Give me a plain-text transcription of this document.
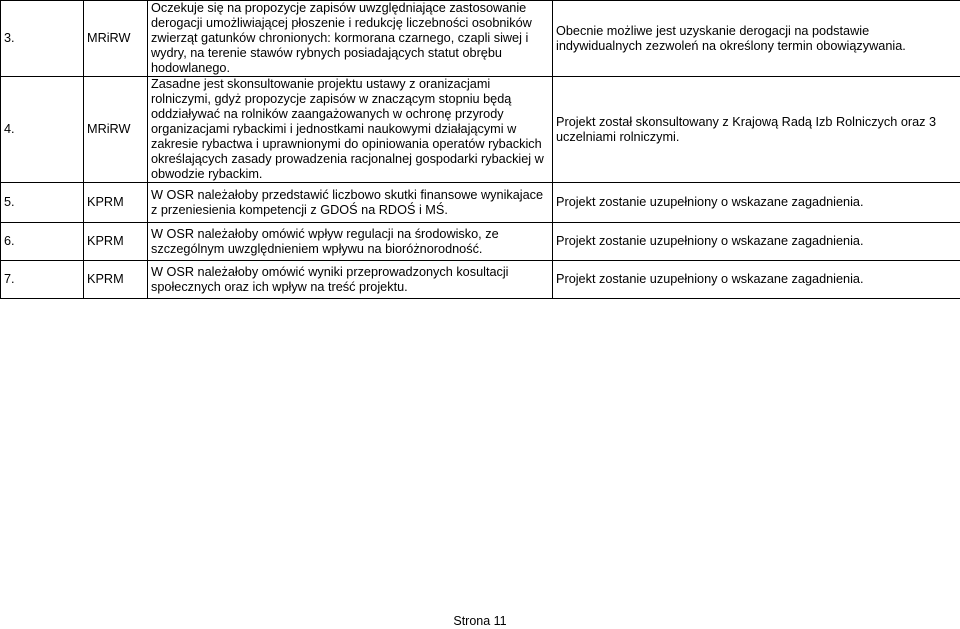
3.	MRiRW	Oczekuje się na propozycje zapisów uwzględniające zastosowanie derogacji umożliwiającej płoszenie i redukcję liczebności osobników zwierząt gatunków chronionych: kormorana czarnego, czapli siwej i wydry, na terenie stawów rybnych posiadających statut obrębu hodowlanego.	Obecnie możliwe jest uzyskanie derogacji na podstawie indywidualnych zezwoleń na określony termin obowiązywania.
4.	MRiRW	Zasadne jest skonsultowanie projektu ustawy z oranizacjami rolniczymi, gdyż propozycje zapisów w znaczącym stopniu będą oddziaływać na rolników zaangażowanych w ochronę przyrody organizacjami rybackimi i jednostkami naukowymi działającymi w zakresie rybactwa i uprawnionymi do opiniowania operatów rybackich określających zasady prowadzenia racjonalnej gospodarki rybackiej w obwodzie rybackim.	Projekt został skonsultowany z Krajową Radą Izb Rolniczych oraz 3 uczelniami rolniczymi.
5.	KPRM	W OSR należałoby przedstawić liczbowo skutki finansowe wynikajace z przeniesienia kompetencji z GDOŚ na RDOŚ i MŚ.	Projekt zostanie uzupełniony o wskazane zagadnienia.
6.	KPRM	W OSR należałoby omówić wpływ regulacji na środowisko, ze szczególnym uwzględnieniem wpływu na bioróżnorodność.	Projekt zostanie uzupełniony o wskazane zagadnienia.
7.	KPRM	W OSR należałoby omówić wyniki przeprowadzonych kosultacji społecznych oraz ich wpływ na treść projektu.	Projekt zostanie uzupełniony o wskazane zagadnienia.
Strona 11
